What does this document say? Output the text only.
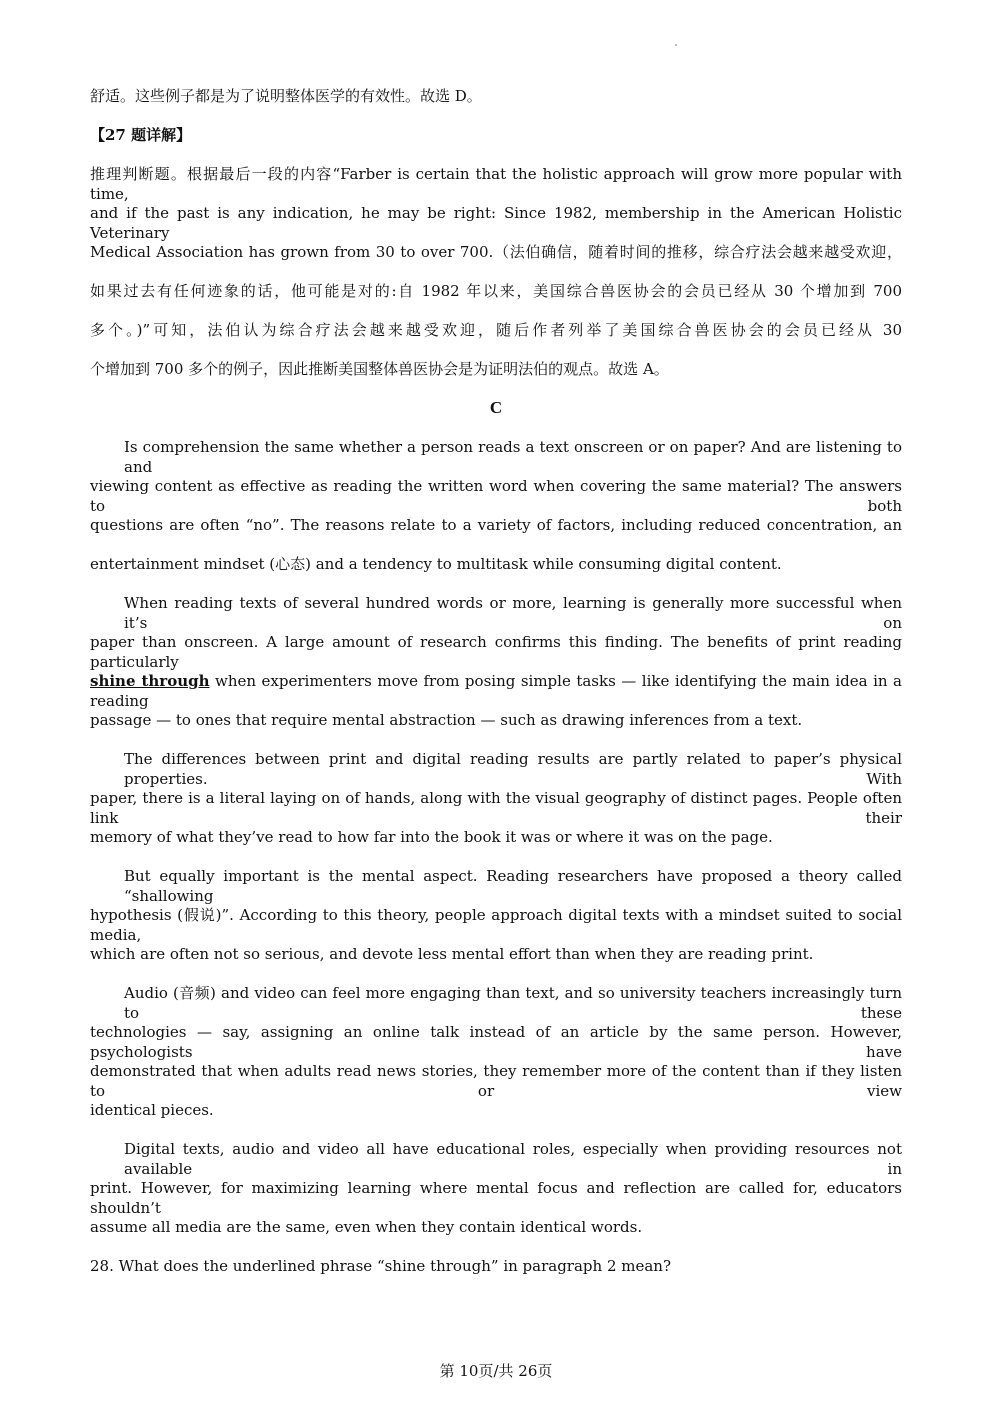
舒适。这些例子都是为了说明整体医学的有效性。故选 D。
【27 题详解】
推理判断题。根据最后一段的内容“Farber is certain that the holistic approach will grow more popular with time,
and if the past is any indication, he may be right: Since 1982, membership in the American Holistic Veterinary
Medical Association has grown from 30 to over 700.（法伯确信，随着时间的推移，综合疗法会越来越受欢迎，
如果过去有任何迹象的话，他可能是对的:自 1982 年以来，美国综合兽医协会的会员已经从 30 个增加到 700
多个。)”可知，法伯认为综合疗法会越来越受欢迎，随后作者列举了美国综合兽医协会的会员已经从 30
个增加到 700 多个的例子，因此推断美国整体兽医协会是为证明法伯的观点。故选 A。
C
Is comprehension the same whether a person reads a text onscreen or on paper? And are listening to and
viewing content as effective as reading the written word when covering the same material? The answers to both
questions are often “no”. The reasons relate to a variety of factors, including reduced concentration, an
entertainment mindset (心态) and a tendency to multitask while consuming digital content.
When reading texts of several hundred words or more, learning is generally more successful when it’s on
paper than onscreen. A large amount of research confirms this finding. The benefits of print reading particularly
shine through when experimenters move from posing simple tasks — like identifying the main idea in a reading
passage — to ones that require mental abstraction — such as drawing inferences from a text.
The differences between print and digital reading results are partly related to paper’s physical properties. With
paper, there is a literal laying on of hands, along with the visual geography of distinct pages. People often link their
memory of what they’ve read to how far into the book it was or where it was on the page.
But equally important is the mental aspect. Reading researchers have proposed a theory called “shallowing
hypothesis (假说)”. According to this theory, people approach digital texts with a mindset suited to social media,
which are often not so serious, and devote less mental effort than when they are reading print.
Audio (音频) and video can feel more engaging than text, and so university teachers increasingly turn to these
technologies — say, assigning an online talk instead of an article by the same person. However, psychologists have
demonstrated that when adults read news stories, they remember more of the content than if they listen to or view
identical pieces.
Digital texts, audio and video all have educational roles, especially when providing resources not available in
print. However, for maximizing learning where mental focus and reflection are called for, educators shouldn’t
assume all media are the same, even when they contain identical words.
28. What does the underlined phrase “shine through” in paragraph 2 mean?
第 10页/共 26页
